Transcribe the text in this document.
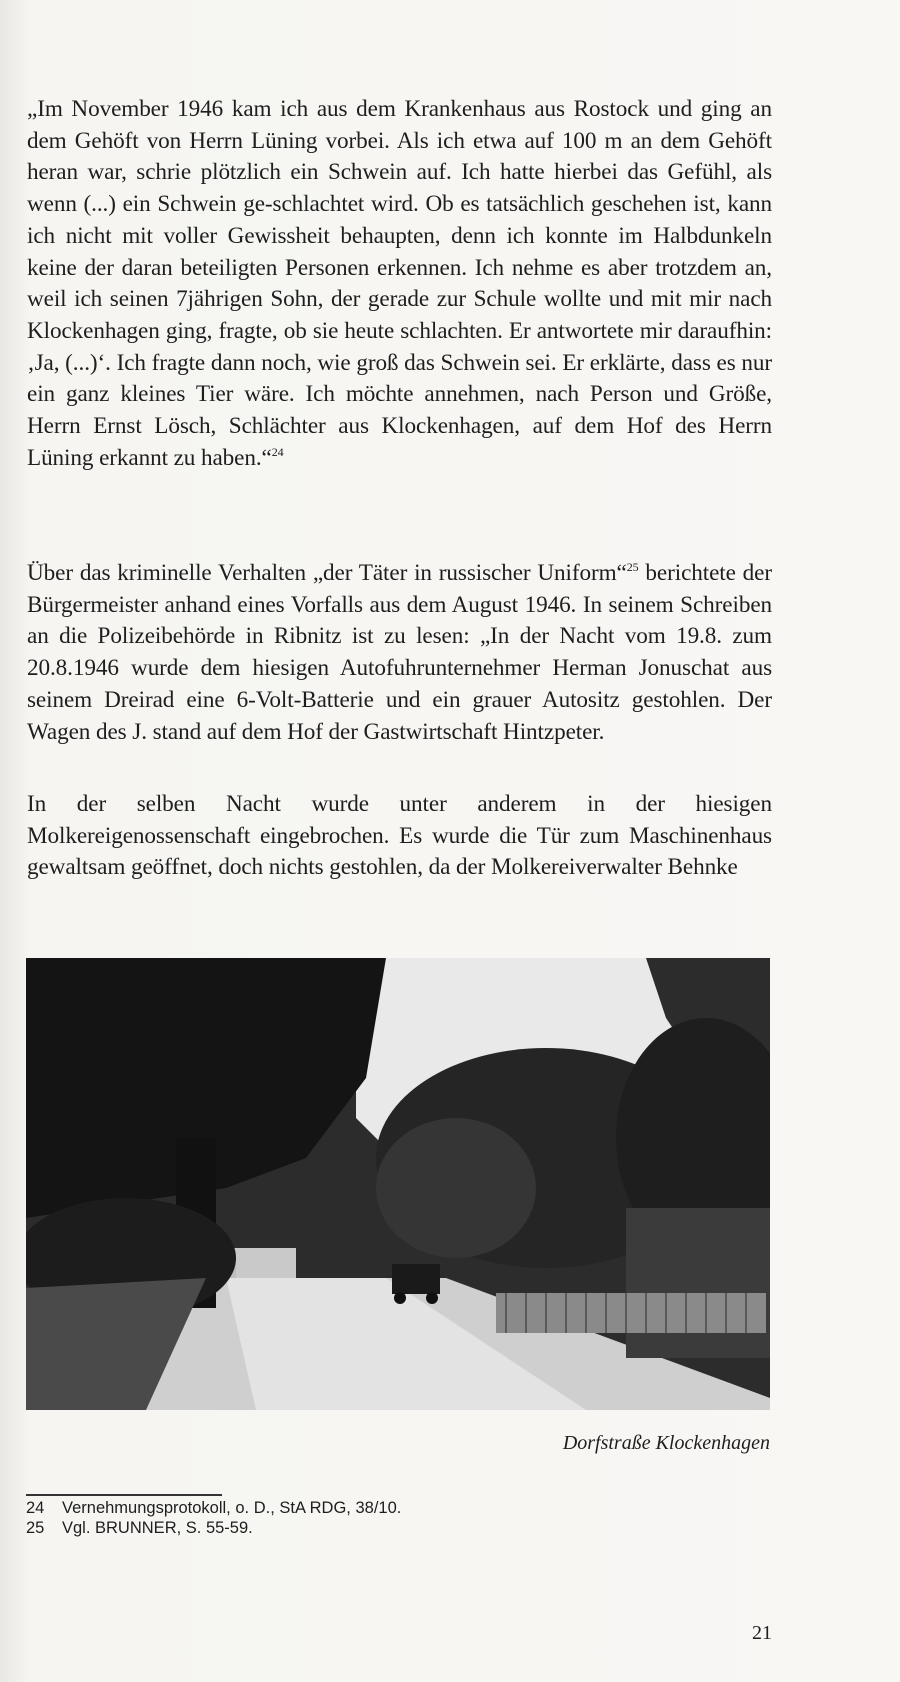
„Im November 1946 kam ich aus dem Krankenhaus aus Rostock und ging an dem Gehöft von Herrn Lüning vorbei. Als ich etwa auf 100 m an dem Gehöft heran war, schrie plötzlich ein Schwein auf. Ich hatte hierbei das Gefühl, als wenn (...) ein Schwein ge-schlachtet wird. Ob es tatsächlich geschehen ist, kann ich nicht mit voller Gewissheit behaupten, denn ich konnte im Halbdunkeln keine der daran beteiligten Personen erkennen. Ich nehme es aber trotzdem an, weil ich seinen 7jährigen Sohn, der gerade zur Schule wollte und mit mir nach Klockenhagen ging, fragte, ob sie heute schlachten. Er antwortete mir daraufhin: ‚Ja, (...)‘. Ich fragte dann noch, wie groß das Schwein sei. Er erklärte, dass es nur ein ganz kleines Tier wäre. Ich möchte annehmen, nach Person und Größe, Herrn Ernst Lösch, Schlächter aus Klockenhagen, auf dem Hof des Herrn Lüning erkannt zu haben.“$^{24}$

Über das kriminelle Verhalten „der Täter in russischer Uniform“$^{25}$ berichtete der Bürgermeister anhand eines Vorfalls aus dem August 1946. In seinem Schreiben an die Polizeibehörde in Ribnitz ist zu lesen: „In der Nacht vom 19.8. zum 20.8.1946 wurde dem hiesigen Autofuhrunternehmer Herman Jonuschat aus seinem Dreirad eine 6-Volt-Batterie und ein grauer Autositz gestohlen. Der Wagen des J. stand auf dem Hof der Gastwirtschaft Hintzpeter.

In der selben Nacht wurde unter anderem in der hiesigen Molkereigenossenschaft eingebrochen. Es wurde die Tür zum Maschinenhaus gewaltsam geöffnet, doch nichts gestohlen, da der Molkereiverwalter Behnke

Dorfstraße Klockenhagen

24	Vernehmungsprotokoll, o. D., StA RDG, 38/10.
25	Vgl. BRUNNER, S. 55-59.

21
